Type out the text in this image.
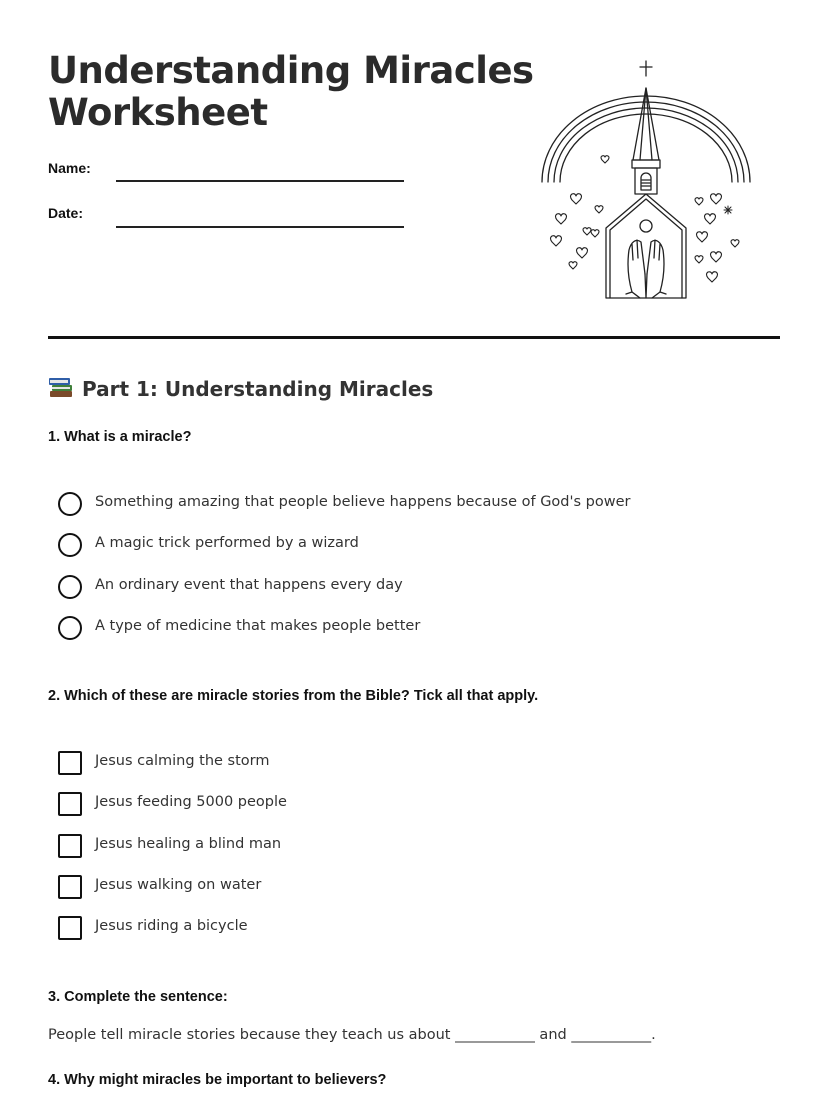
Understanding Miracles
Worksheet
Name:
Date:
Part 1: Understanding Miracles
1. What is a miracle?
Something amazing that people believe happens because of God's power
A magic trick performed by a wizard
An ordinary event that happens every day
A type of medicine that makes people better
2. Which of these are miracle stories from the Bible? Tick all that apply.
Jesus calming the storm
Jesus feeding 5000 people
Jesus healing a blind man
Jesus walking on water
Jesus riding a bicycle
3. Complete the sentence:
People tell miracle stories because they teach us about ___________ and ___________.
4. Why might miracles be important to believers?
